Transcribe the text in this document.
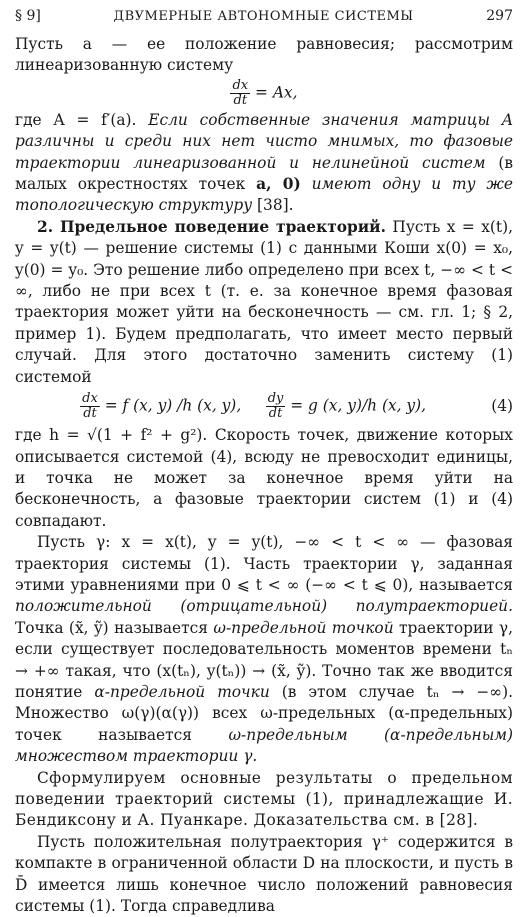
§ 9]	ДВУМЕРНЫЕ АВТОНОМНЫЕ СИСТЕМЫ	297

Пусть a — ее положение равновесия; рассмотрим линеаризованную систему

$\frac{dx}{dt} = Ax$,

где A = f′(a). Если собственные значения матрицы A различны и среди них нет чисто мнимых, то фазовые траектории линеаризованной и нелинейной систем (в малых окрестностях точек a, 0) имеют одну и ту же топологическую структуру [38].

2. Предельное поведение траекторий. Пусть x = x(t), y = y(t) — решение системы (1) с данными Коши x(0) = x₀, y(0) = y₀. Это решение либо определено при всех t, −∞ < t < ∞, либо не при всех t (т. е. за конечное время фазовая траектория может уйти на бесконечность — см. гл. 1; § 2, пример 1). Будем предполагать, что имеет место первый случай. Для этого достаточно заменить систему (1) системой

$\frac{dx}{dt} = f$ (x, y) /h (x, y), $\frac{dy}{dt} = g$ (x, y)/h (x, y),	(4)

где h = √(1 + f² + g²). Скорость точек, движение которых описывается системой (4), всюду не превосходит единицы, и точка не может за конечное время уйти на бесконечность, а фазовые траектории систем (1) и (4) совпадают.

Пусть γ: x = x(t), y = y(t), −∞ < t < ∞ — фазовая траектория системы (1). Часть траектории γ, заданная этими уравнениями при 0 ⩽ t < ∞ (−∞ < t ⩽ 0), называется положительной (отрицательной) полутраекторией. Точка (x̃, ỹ) называется ω-предельной точкой траектории γ, если существует последовательность моментов времени tₙ → +∞ такая, что (x(tₙ), y(tₙ)) → (x̃, ỹ). Точно так же вводится понятие α-предельной точки (в этом случае tₙ → −∞). Множество ω(γ)(α(γ)) всех ω-предельных (α-предельных) точек называется ω-предельным (α-предельным) множеством траектории γ.

Сформулируем основные результаты о предельном поведении траекторий системы (1), принадлежащие И. Бендиксону и А. Пуанкаре. Доказательства см. в [28].

Пусть положительная полутраектория γ⁺ содержится в компакте в ограниченной области D на плоскости, и пусть в D̄ имеется лишь конечное число положений равновесия системы (1). Тогда справедлива
